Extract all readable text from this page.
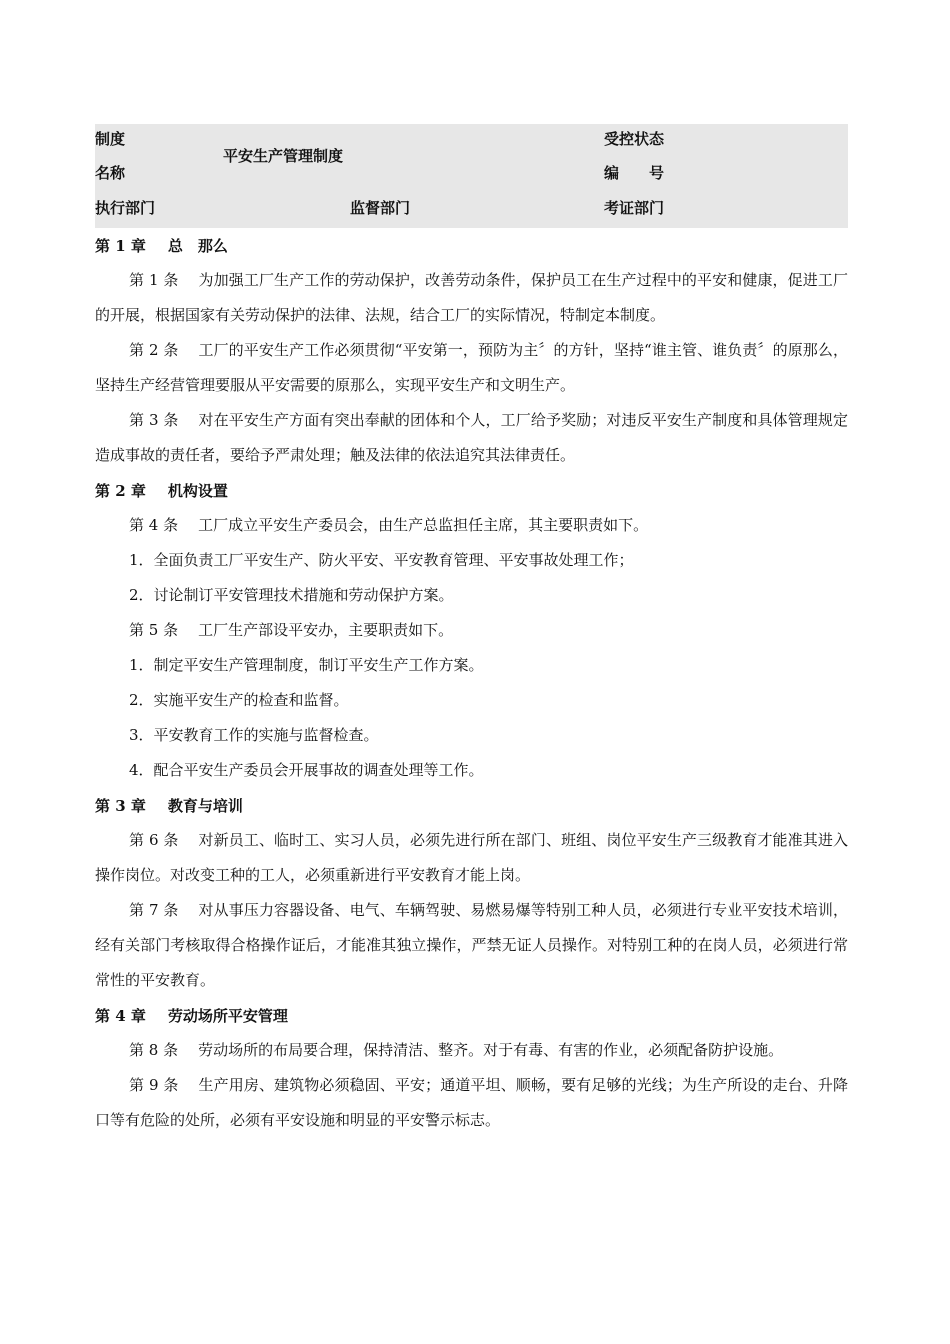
制度
名称
平安生产管理制度
受控状态
编　　号
执行部门	监督部门	考证部门
第 1 章 总　那么

第 1 条 为加强工厂生产工作的劳动保护，改善劳动条件，保护员工在生产过程中的平安和健康，促进工厂的开展，根据国家有关劳动保护的法律、法规，结合工厂的实际情况，特制定本制度。

第 2 条 工厂的平安生产工作必须贯彻“平安第一，预防为主〞的方针，坚持“谁主管、谁负责〞的原那么，坚持生产经营管理要服从平安需要的原那么，实现平安生产和文明生产。

第 3 条 对在平安生产方面有突出奉献的团体和个人，工厂给予奖励；对违反平安生产制度和具体管理规定造成事故的责任者，要给予严肃处理；触及法律的依法追究其法律责任。

第 2 章 机构设置

第 4 条 工厂成立平安生产委员会，由生产总监担任主席，其主要职责如下。

1．全面负责工厂平安生产、防火平安、平安教育管理、平安事故处理工作；

2．讨论制订平安管理技术措施和劳动保护方案。

第 5 条 工厂生产部设平安办，主要职责如下。

1．制定平安生产管理制度，制订平安生产工作方案。

2．实施平安生产的检查和监督。

3．平安教育工作的实施与监督检查。

4．配合平安生产委员会开展事故的调查处理等工作。

第 3 章 教育与培训

第 6 条 对新员工、临时工、实习人员，必须先进行所在部门、班组、岗位平安生产三级教育才能准其进入操作岗位。对改变工种的工人，必须重新进行平安教育才能上岗。

第 7 条 对从事压力容器设备、电气、车辆驾驶、易燃易爆等特别工种人员，必须进行专业平安技术培训，经有关部门考核取得合格操作证后，才能准其独立操作，严禁无证人员操作。对特别工种的在岗人员，必须进行常常性的平安教育。

第 4 章 劳动场所平安管理

第 8 条 劳动场所的布局要合理，保持清洁、整齐。对于有毒、有害的作业，必须配备防护设施。

第 9 条 生产用房、建筑物必须稳固、平安；通道平坦、顺畅，要有足够的光线；为生产所设的走台、升降口等有危险的处所，必须有平安设施和明显的平安警示标志。
